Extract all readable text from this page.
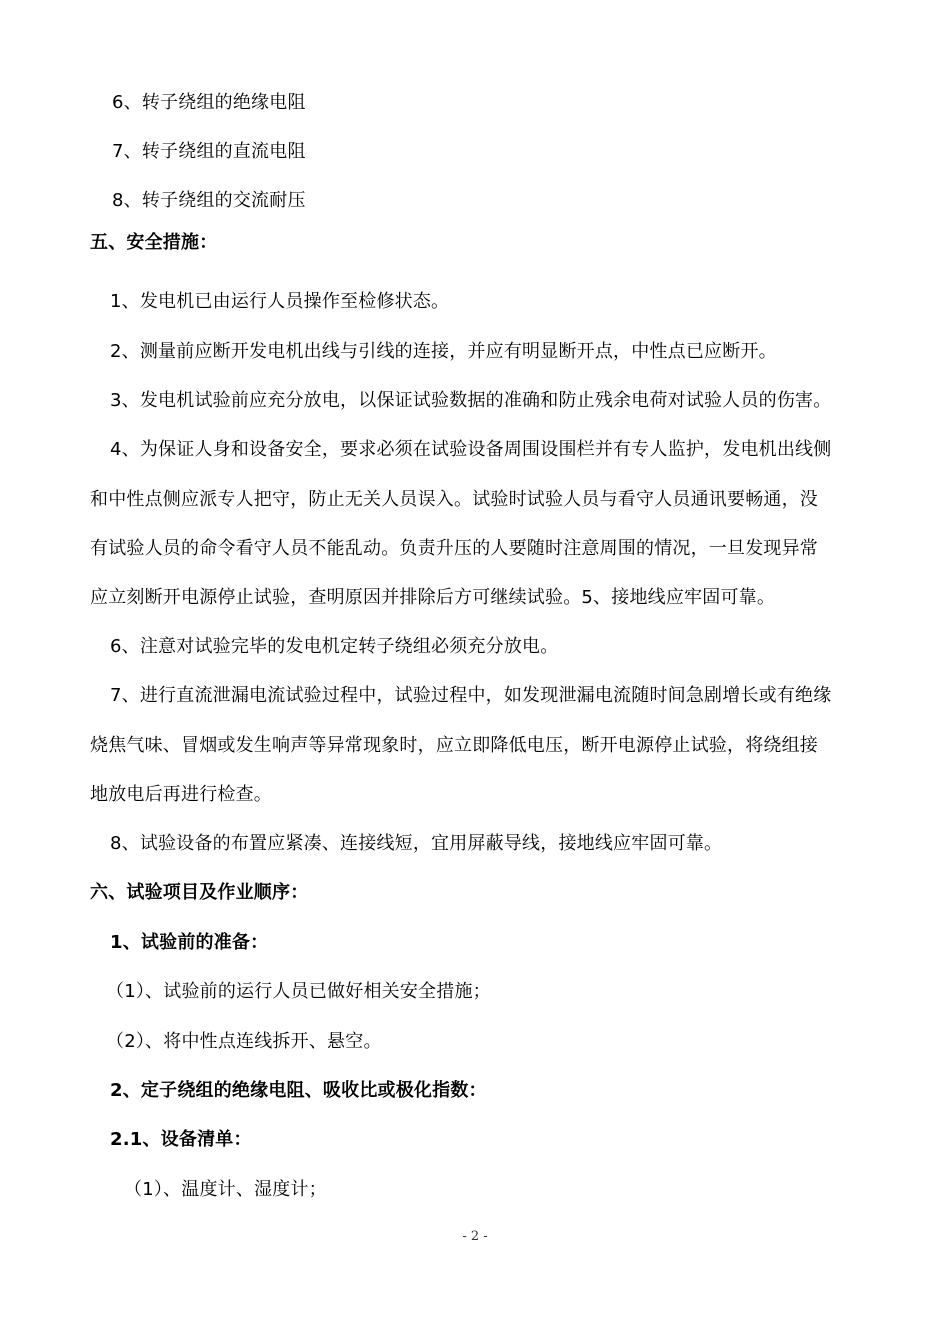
6、转子绕组的绝缘电阻
7、转子绕组的直流电阻
8、转子绕组的交流耐压
五、安全措施：
1、发电机已由运行人员操作至检修状态。
2、测量前应断开发电机出线与引线的连接，并应有明显断开点，中性点已应断开。
3、发电机试验前应充分放电，以保证试验数据的准确和防止残余电荷对试验人员的伤害。
4、为保证人身和设备安全，要求必须在试验设备周围设围栏并有专人监护，发电机出线侧
和中性点侧应派专人把守，防止无关人员误入。试验时试验人员与看守人员通讯要畅通，没
有试验人员的命令看守人员不能乱动。负责升压的人要随时注意周围的情况，一旦发现异常
应立刻断开电源停止试验，查明原因并排除后方可继续试验。5、接地线应牢固可靠。
6、注意对试验完毕的发电机定转子绕组必须充分放电。
7、进行直流泄漏电流试验过程中，试验过程中，如发现泄漏电流随时间急剧增长或有绝缘
烧焦气味、冒烟或发生响声等异常现象时，应立即降低电压，断开电源停止试验，将绕组接
地放电后再进行检查。
8、试验设备的布置应紧凑、连接线短，宜用屏蔽导线，接地线应牢固可靠。
六、试验项目及作业顺序：
1、试验前的准备：
（1）、试验前的运行人员已做好相关安全措施；
（2）、将中性点连线拆开、悬空。
2、定子绕组的绝缘电阻、吸收比或极化指数：
2.1、设备清单：
（1）、温度计、湿度计；
- 2 -
